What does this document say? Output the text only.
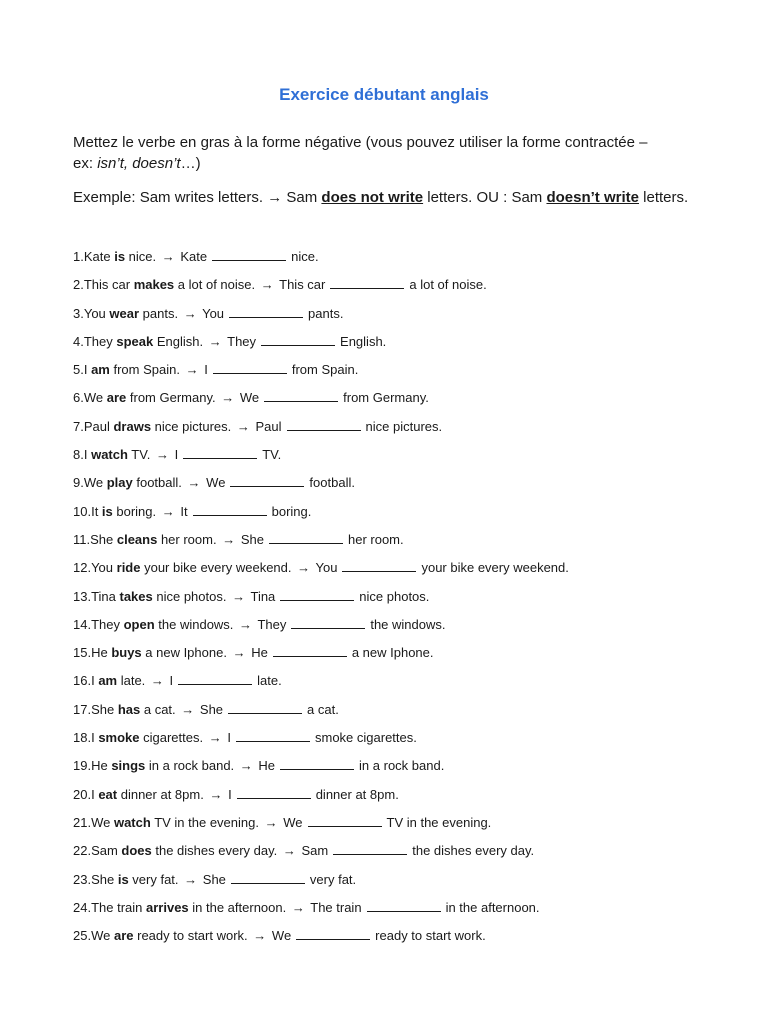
Exercice débutant anglais
Mettez le verbe en gras à la forme négative (vous pouvez utiliser la forme contractée –
ex: isn’t, doesn’t…)
Exemple: Sam writes letters. → Sam does not write letters. OU : Sam doesn’t write letters.
1.Kate is nice. → Kate	nice.
2.This car makes a lot of noise. → This car	a lot of noise.
3.You wear pants. → You	pants.
4.They speak English. → They	English.
5.I am from Spain. → I	from Spain.
6.We are from Germany. → We	from Germany.
7.Paul draws nice pictures. → Paul	nice pictures.
8.I watch TV. → I	TV.
9.We play football. → We	football.
10.It is boring. → It	boring.
11.She cleans her room. → She	her room.
12.You ride your bike every weekend. → You	your bike every weekend.
13.Tina takes nice photos. → Tina	nice photos.
14.They open the windows. → They	the windows.
15.He buys a new Iphone. → He	a new Iphone.
16.I am late. → I	late.
17.She has a cat. → She	a cat.
18.I smoke cigarettes. → I	smoke cigarettes.
19.He sings in a rock band. → He	in a rock band.
20.I eat dinner at 8pm. → I	dinner at 8pm.
21.We watch TV in the evening. → We	TV in the evening.
22.Sam does the dishes every day. → Sam	the dishes every day.
23.She is very fat. → She	very fat.
24.The train arrives in the afternoon. → The train	in the afternoon.
25.We are ready to start work. → We	ready to start work.
